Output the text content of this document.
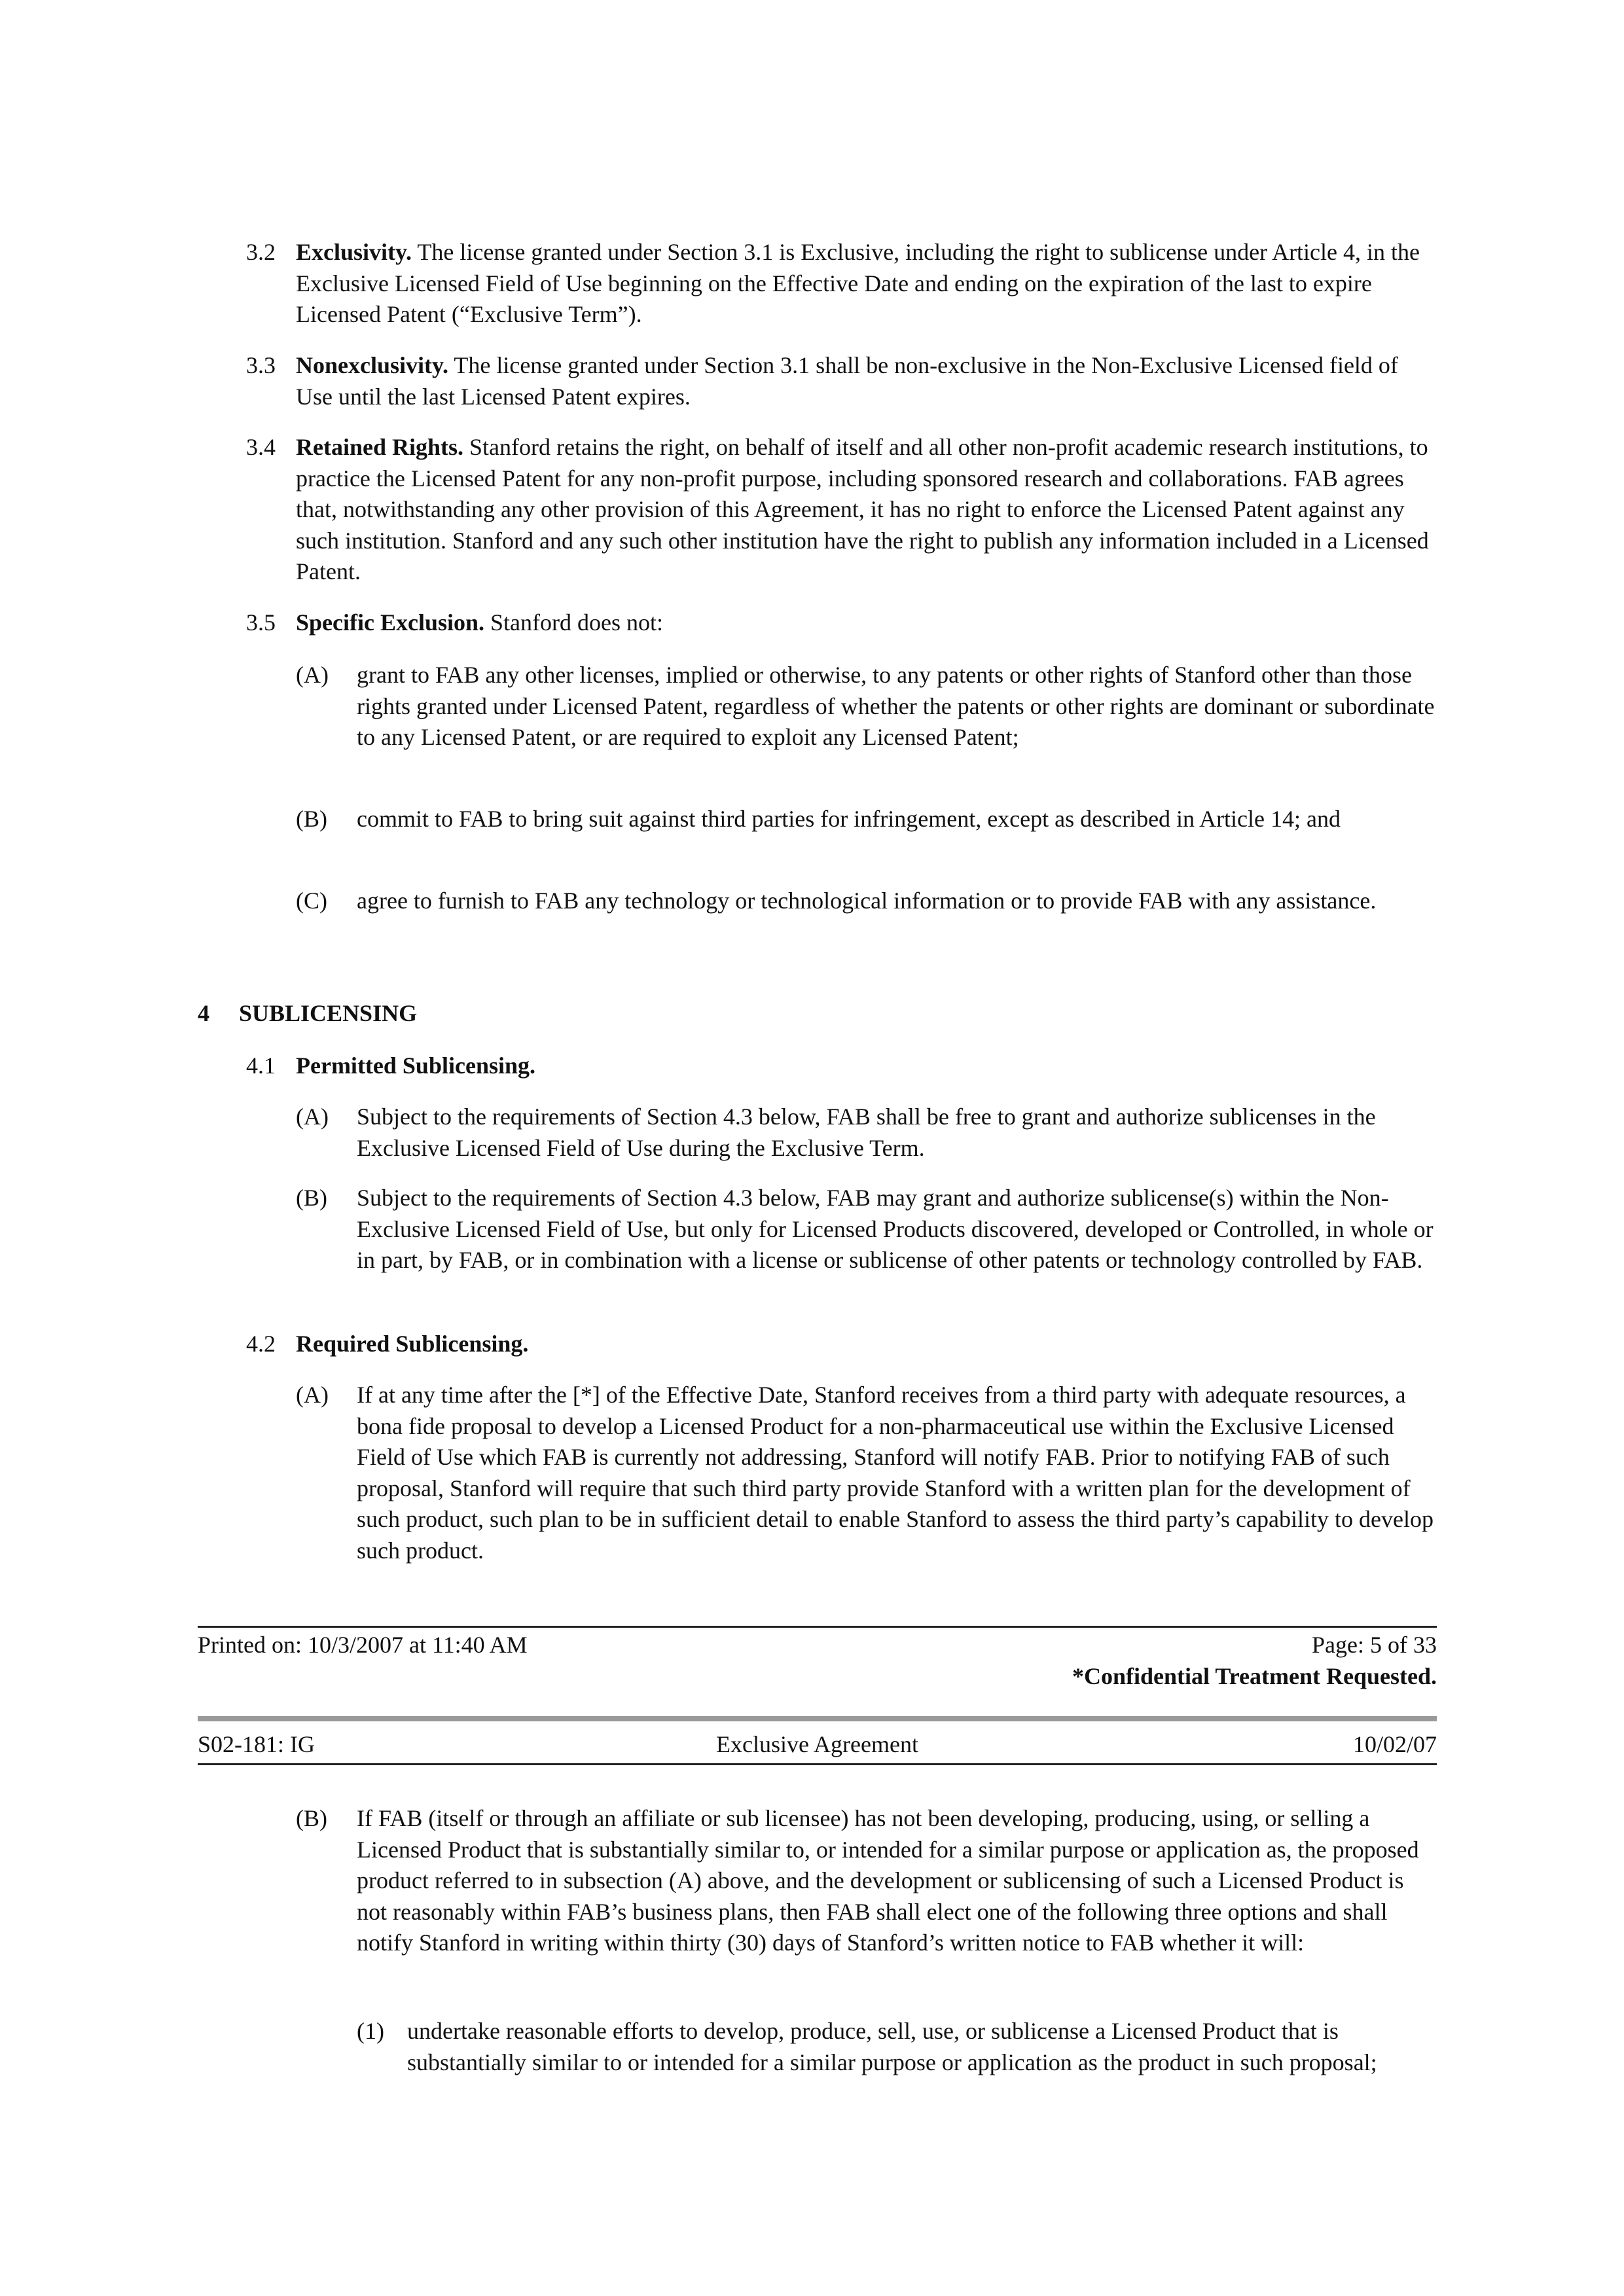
3.2 Exclusivity. The license granted under Section 3.1 is Exclusive, including the right to sublicense under Article 4, in the Exclusive Licensed Field of Use beginning on the Effective Date and ending on the expiration of the last to expire Licensed Patent (“Exclusive Term”).
3.3 Nonexclusivity. The license granted under Section 3.1 shall be non-exclusive in the Non-Exclusive Licensed field of Use until the last Licensed Patent expires.
3.4 Retained Rights. Stanford retains the right, on behalf of itself and all other non-profit academic research institutions, to practice the Licensed Patent for any non-profit purpose, including sponsored research and collaborations. FAB agrees that, notwithstanding any other provision of this Agreement, it has no right to enforce the Licensed Patent against any such institution. Stanford and any such other institution have the right to publish any information included in a Licensed Patent.
3.5 Specific Exclusion. Stanford does not:
(A) grant to FAB any other licenses, implied or otherwise, to any patents or other rights of Stanford other than those rights granted under Licensed Patent, regardless of whether the patents or other rights are dominant or subordinate to any Licensed Patent, or are required to exploit any Licensed Patent;
(B) commit to FAB to bring suit against third parties for infringement, except as described in Article 14; and
(C) agree to furnish to FAB any technology or technological information or to provide FAB with any assistance.
4 SUBLICENSING
4.1 Permitted Sublicensing.
(A) Subject to the requirements of Section 4.3 below, FAB shall be free to grant and authorize sublicenses in the Exclusive Licensed Field of Use during the Exclusive Term.
(B) Subject to the requirements of Section 4.3 below, FAB may grant and authorize sublicense(s) within the Non-Exclusive Licensed Field of Use, but only for Licensed Products discovered, developed or Controlled, in whole or in part, by FAB, or in combination with a license or sublicense of other patents or technology controlled by FAB.
4.2 Required Sublicensing.
(A) If at any time after the [*] of the Effective Date, Stanford receives from a third party with adequate resources, a bona fide proposal to develop a Licensed Product for a non-pharmaceutical use within the Exclusive Licensed Field of Use which FAB is currently not addressing, Stanford will notify FAB. Prior to notifying FAB of such proposal, Stanford will require that such third party provide Stanford with a written plan for the development of such product, such plan to be in sufficient detail to enable Stanford to assess the third party’s capability to develop such product.
Printed on: 10/3/2007 at 11:40 AM	Page: 5 of 33
*Confidential Treatment Requested.
S02-181: IG	Exclusive Agreement	10/02/07
(B) If FAB (itself or through an affiliate or sub licensee) has not been developing, producing, using, or selling a Licensed Product that is substantially similar to, or intended for a similar purpose or application as, the proposed product referred to in subsection (A) above, and the development or sublicensing of such a Licensed Product is not reasonably within FAB’s business plans, then FAB shall elect one of the following three options and shall notify Stanford in writing within thirty (30) days of Stanford’s written notice to FAB whether it will:
(1) undertake reasonable efforts to develop, produce, sell, use, or sublicense a Licensed Product that is substantially similar to or intended for a similar purpose or application as the product in such proposal;
